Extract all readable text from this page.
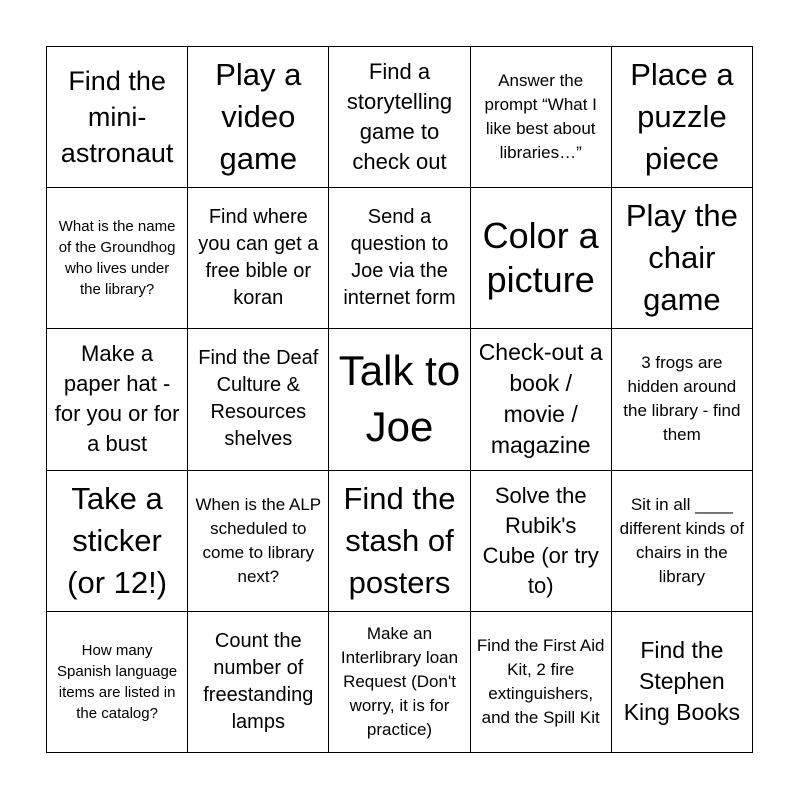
Find the mini-astronaut
Play a video game
Find a storytelling game to check out
Answer the prompt “What I like best about libraries…”
Place a puzzle piece
What is the name of the Groundhog who lives under the library?
Find where you can get a free bible or koran
Send a question to Joe via the internet form
Color a picture
Play the chair game
Make a paper hat - for you or for a bust
Find the Deaf Culture & Resources shelves
Talk to Joe
Check-out a book / movie / magazine
3 frogs are hidden around the library - find them
Take a sticker (or 12!)
When is the ALP scheduled to come to library next?
Find the stash of posters
Solve the Rubik's Cube (or try to)
Sit in all ____ different kinds of chairs in the library
How many Spanish language items are listed in the catalog?
Count the number of freestanding lamps
Make an Interlibrary loan Request (Don't worry, it is for practice)
Find the First Aid Kit, 2 fire extinguishers, and the Spill Kit
Find the Stephen King Books
